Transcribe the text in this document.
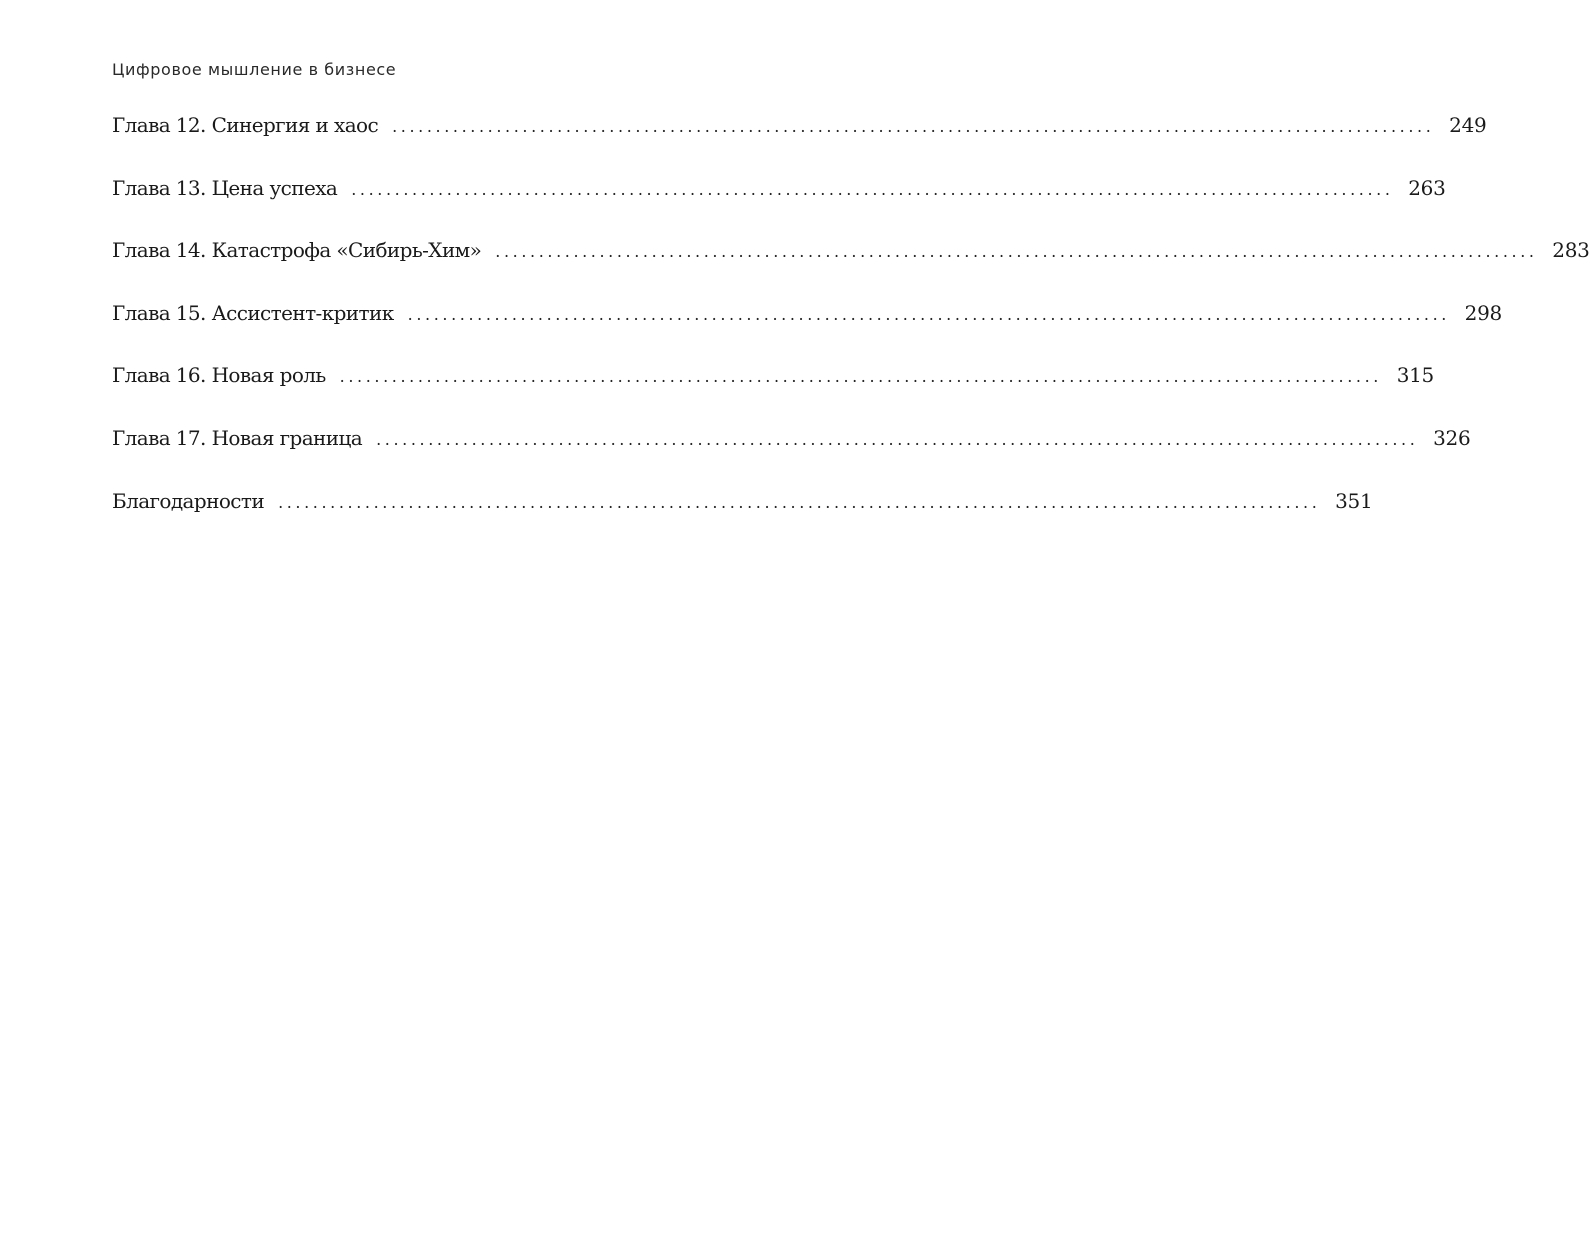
Цифровое мышление в бизнесе
Глава 12. Синергия и хаос ........................................................................................................................ 249
Глава 13. Цена успеха ........................................................................................................................ 263
Глава 14. Катастрофа «Сибирь-Хим» ........................................................................................................................ 283
Глава 15. Ассистент-критик ........................................................................................................................ 298
Глава 16. Новая роль ........................................................................................................................ 315
Глава 17. Новая граница ........................................................................................................................ 326
Благодарности ........................................................................................................................ 351
